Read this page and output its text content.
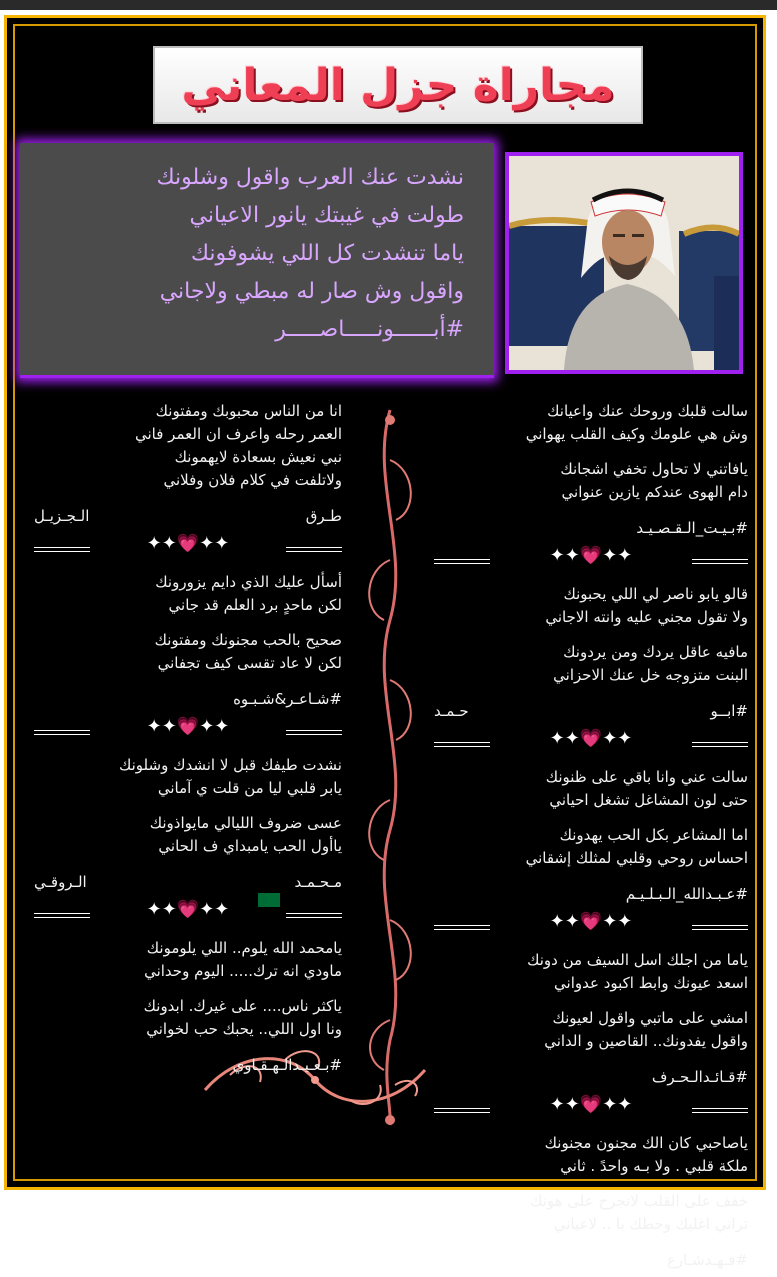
مجاراة جزل المعاني

نشدت عنك العرب واقول وشلونك

طولت في غيبتك يانور الاعياني

ياما تنشدت كل اللي يشوفونك

واقول وش صار له مبطي ولاجاني

#أبــــــونـــــاصـــــر

سالت قلبك وروحك عنك واعيانك
وش هي علومك وكيف القلب يهواني
يافاتني لا تحاول تخفي اشجانك
دام الهوى عندكم يازين عنواني
#بـيـت_الـقـصـيـد
✦✦💗✦✦
قالو يابو ناصر لي اللي يحبونك
ولا تقول مجني عليه وانته الاجاني
مافيه عاقل يردك ومن يردونك
البنت متزوجه خل عنك الاحزاني
#ابــو حـمـد
✦✦💗✦✦
سالت عني وانا باقي على ظنونك
حتى لون المشاغل تشغل احياني
اما المشاعر بكل الحب يهدونك
احساس روحي وقلبي لمثلك إشقاني
#عـبـدالله_الـبـلـيـم
✦✦💗✦✦
ياما من اجلك اسل السيف من دونك
اسعد عيونك وابط اكبود عدواني
امشي على ماتبي واقول لعيونك
واقول يفدونك.. القاصين و الداني
#قـائـدالـحـرف
✦✦💗✦✦
ياصاحبي كان الك مجنون مجنونك
ملكة قلبي . ولا بـه واحدً . ثاني
خفف على القلب لاتجرح على هونك
تراني اغليك وحطك با .. لاعياني
#فـهـدشـارع
انا من الناس محبوبك ومفتونك
العمر رحله واعرف ان العمر فاني
نبي نعيش بسعادة لايهمونك
ولاتلفت في كلام فلان وفلاني
طـرق الـجـزيـل
✦✦💗✦✦
أسأل عليك الذي دايم يزورونك
لكن ماحدٍ برد العلم قد جاني
صحيح بالحب مجنونك ومفتونك
لكن لا عاد تقسى كيف تجفاني
#شـاعـر&شـبـوه
✦✦💗✦✦
نشدت طيفك قبل لا انشدك وشلونك
يابر قلبي ليا من قلت ي آماني
عسى ضروف الليالي مايواذونك
ياأول الحب يامبداي ف الحاني
مـحـمـد الـروقـي
✦✦💗✦✦
يامحمد الله يلوم.. اللي يلومونك
ماودي انه ترك..... اليوم وحداني
ياكثر ناس.... على غيرك. ابدونك
ونا اول اللي.. يحبك حب لخواني
#بـعـيـدالـهـقـاوي
